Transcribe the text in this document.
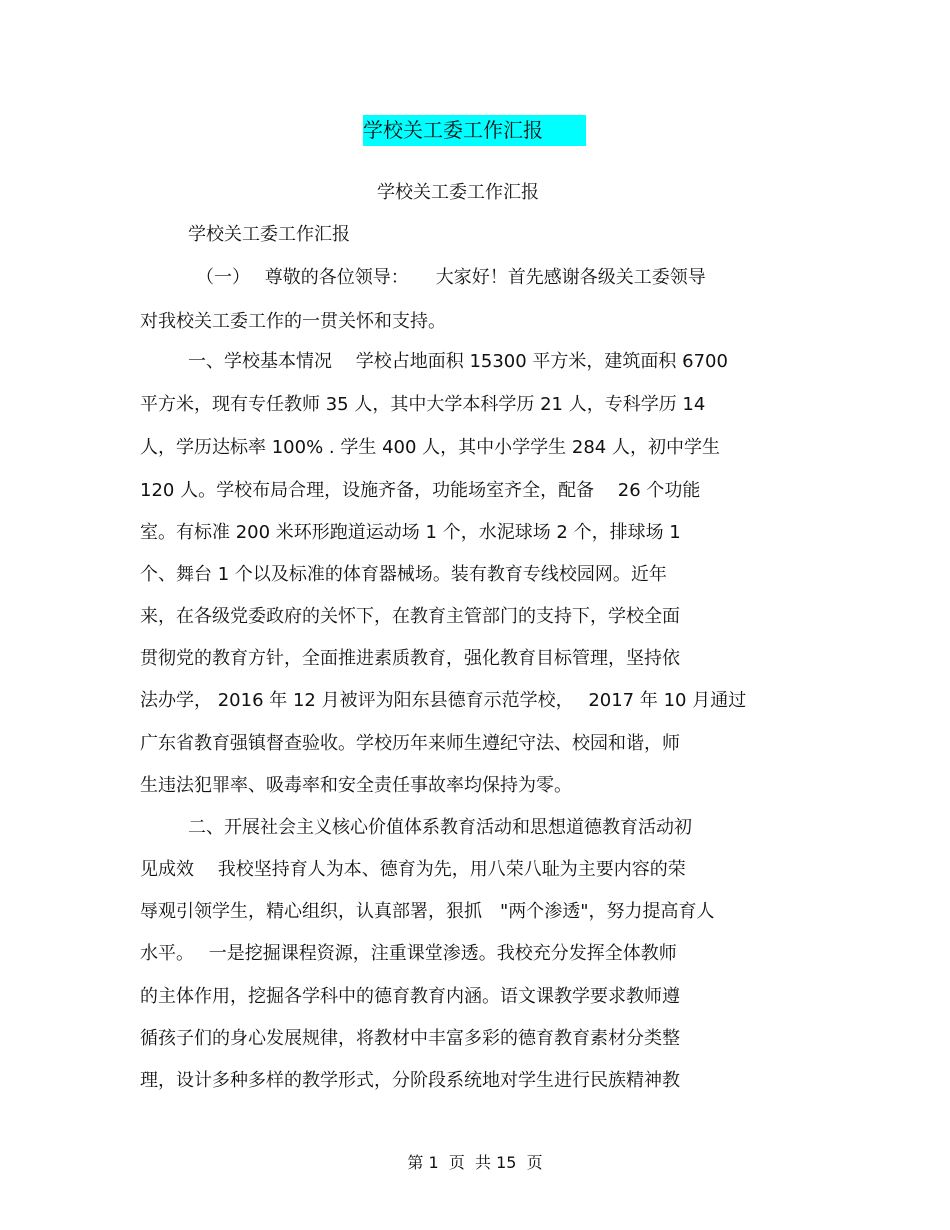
学校关工委工作汇报
学校关工委工作汇报
学校关工委工作汇报
（一）　 尊敬的各位领导：　　大家好！首先感谢各级关工委领导
对我校关工委工作的一贯关怀和支持。
一、学校基本情况　 学校占地面积 15300 平方米，建筑面积 6700
平方米，现有专任教师 35 人，其中大学本科学历 21 人，专科学历 14
人，学历达标率 100% . 学生 400 人，其中小学学生 284 人，初中学生
120 人。学校布局合理，设施齐备，功能场室齐全，配备　 26 个功能
室。有标准 200 米环形跑道运动场 1 个，水泥球场 2 个，排球场 1
个、舞台 1 个以及标准的体育器械场。装有教育专线校园网。近年
来，在各级党委政府的关怀下，在教育主管部门的支持下，学校全面
贯彻党的教育方针，全面推进素质教育，强化教育目标管理，坚持依
法办学， 2016 年 12 月被评为阳东县德育示范学校，　 2017 年 10 月通过
广东省教育强镇督查验收。学校历年来师生遵纪守法、校园和谐，师
生违法犯罪率、吸毒率和安全责任事故率均保持为零。
二、开展社会主义核心价值体系教育活动和思想道德教育活动初
见成效　 我校坚持育人为本、德育为先，用八荣八耻为主要内容的荣
辱观引领学生，精心组织，认真部署，狠抓　"两个渗透"，努力提高育人
水平。　 一是挖掘课程资源，注重课堂渗透。我校充分发挥全体教师
的主体作用，挖掘各学科中的德育教育内涵。语文课教学要求教师遵
循孩子们的身心发展规律，将教材中丰富多彩的德育教育素材分类整
理，设计多种多样的教学形式，分阶段系统地对学生进行民族精神教
第 1  页  共 15  页
